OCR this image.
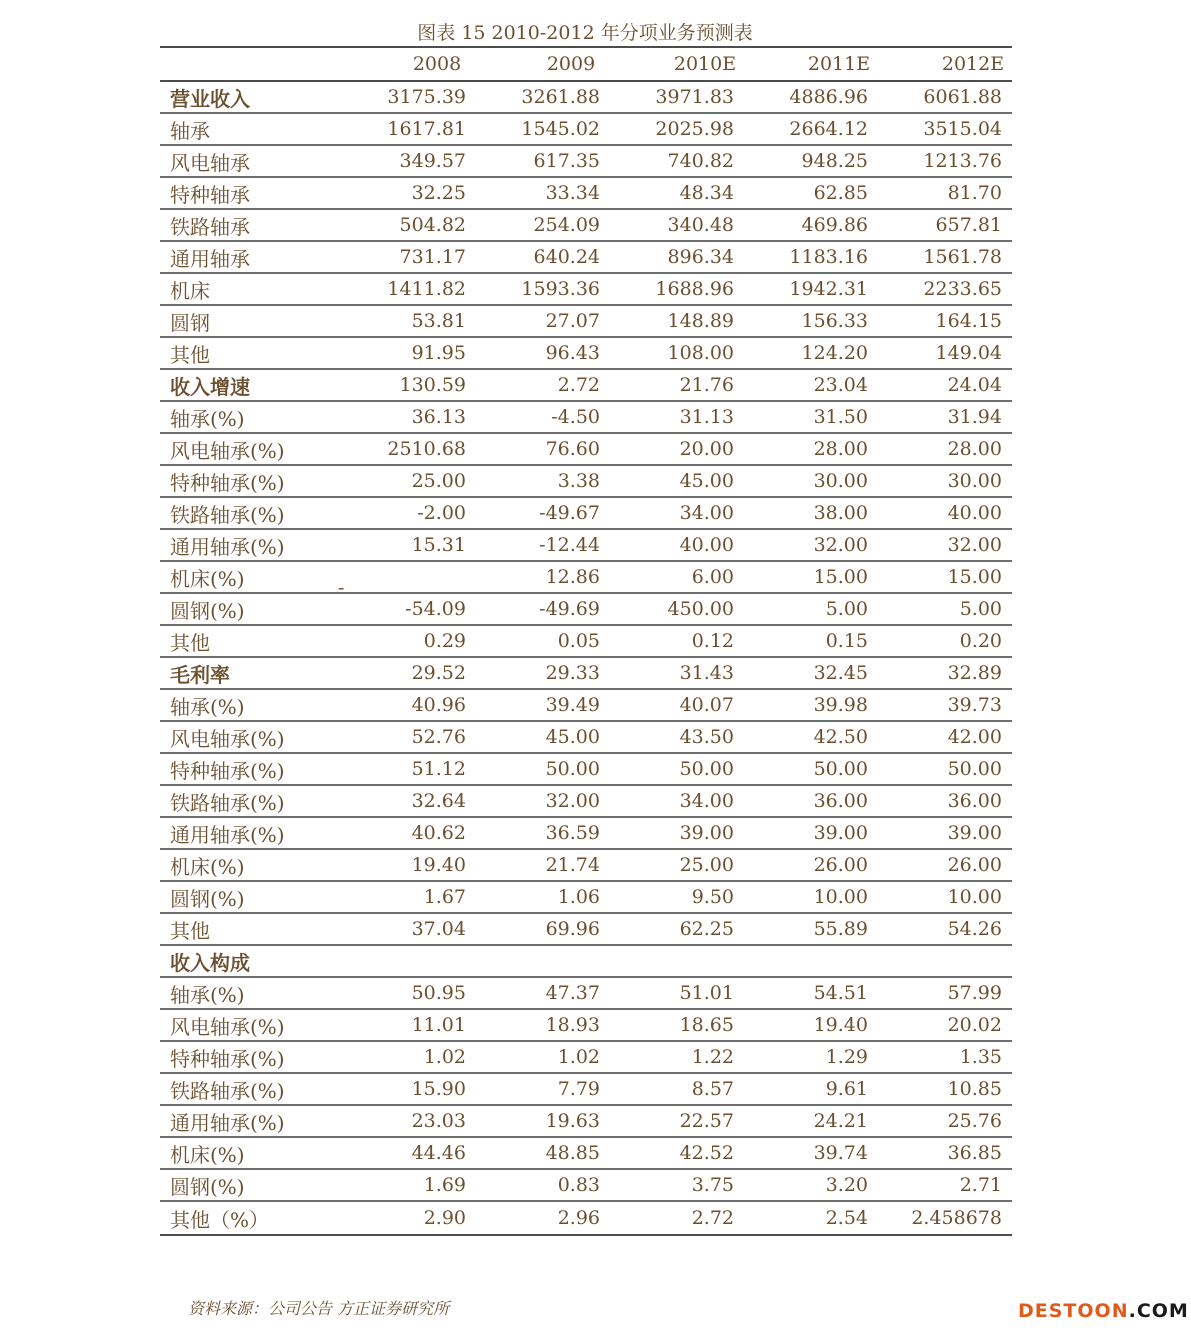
图表 15 2010-2012 年分项业务预测表
2008	2009	2010E	2011E	2012E
营业收入	3175.39	3261.88	3971.83	4886.96	6061.88
轴承	1617.81	1545.02	2025.98	2664.12	3515.04
风电轴承	349.57	617.35	740.82	948.25	1213.76
特种轴承	32.25	33.34	48.34	62.85	81.70
铁路轴承	504.82	254.09	340.48	469.86	657.81
通用轴承	731.17	640.24	896.34	1183.16	1561.78
机床	1411.82	1593.36	1688.96	1942.31	2233.65
圆钢	53.81	27.07	148.89	156.33	164.15
其他	91.95	96.43	108.00	124.20	149.04
收入增速	130.59	2.72	21.76	23.04	24.04
轴承(%)	36.13	-4.50	31.13	31.50	31.94
风电轴承(%)	2510.68	76.60	20.00	28.00	28.00
特种轴承(%)	25.00	3.38	45.00	30.00	30.00
铁路轴承(%)	-2.00	-49.67	34.00	38.00	40.00
通用轴承(%)	15.31	-12.44	40.00	32.00	32.00
机床(%)	-	12.86	6.00	15.00	15.00
圆钢(%)	-54.09	-49.69	450.00	5.00	5.00
其他	0.29	0.05	0.12	0.15	0.20
毛利率	29.52	29.33	31.43	32.45	32.89
轴承(%)	40.96	39.49	40.07	39.98	39.73
风电轴承(%)	52.76	45.00	43.50	42.50	42.00
特种轴承(%)	51.12	50.00	50.00	50.00	50.00
铁路轴承(%)	32.64	32.00	34.00	36.00	36.00
通用轴承(%)	40.62	36.59	39.00	39.00	39.00
机床(%)	19.40	21.74	25.00	26.00	26.00
圆钢(%)	1.67	1.06	9.50	10.00	10.00
其他	37.04	69.96	62.25	55.89	54.26
收入构成
轴承(%)	50.95	47.37	51.01	54.51	57.99
风电轴承(%)	11.01	18.93	18.65	19.40	20.02
特种轴承(%)	1.02	1.02	1.22	1.29	1.35
铁路轴承(%)	15.90	7.79	8.57	9.61	10.85
通用轴承(%)	23.03	19.63	22.57	24.21	25.76
机床(%)	44.46	48.85	42.52	39.74	36.85
圆钢(%)	1.69	0.83	3.75	3.20	2.71
其他（%）	2.90	2.96	2.72	2.54	2.458678
资料来源：公司公告 方正证券研究所	DESTOON.COM
